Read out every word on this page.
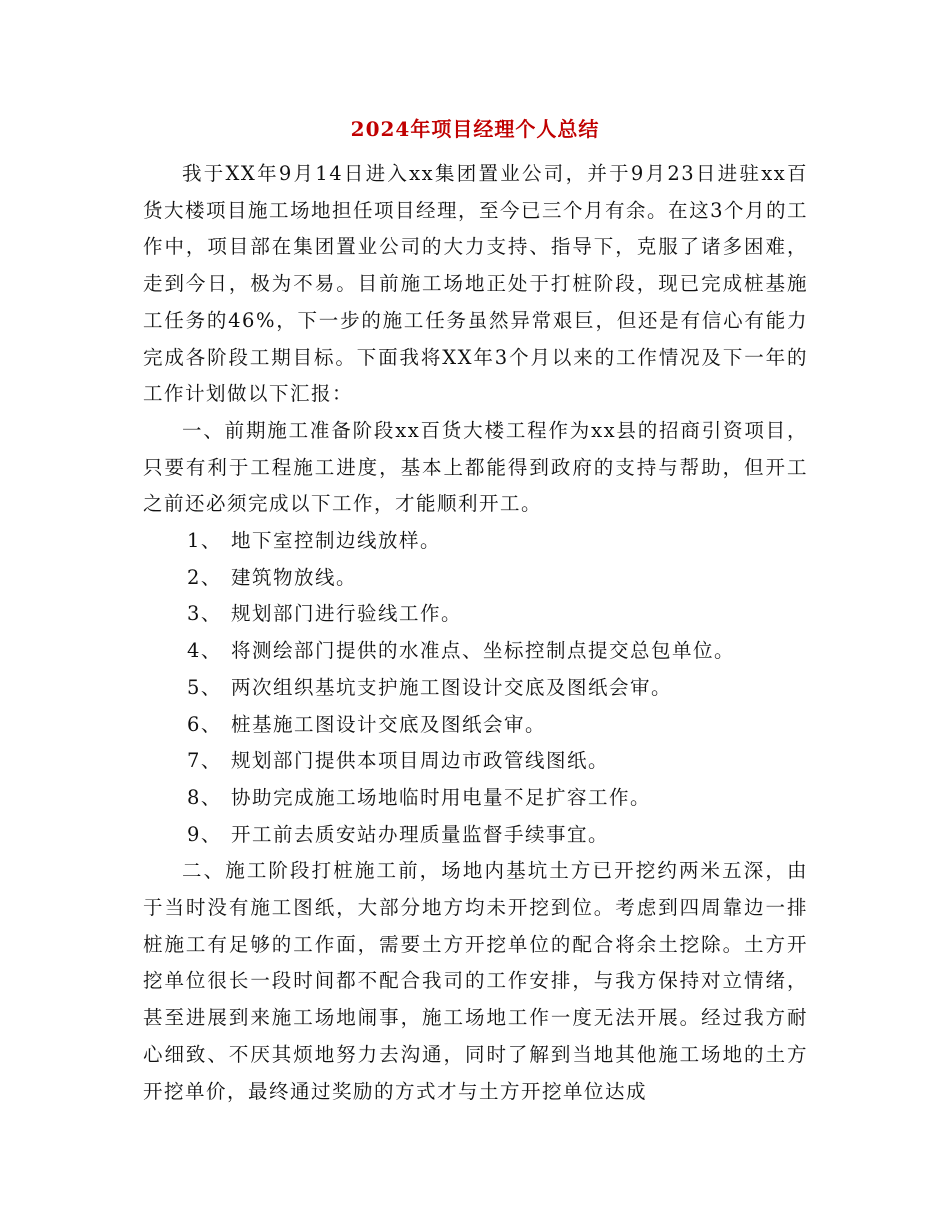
2024年项目经理个人总结

我于XX年9月14日进入xx集团置业公司，并于9月23日进驻xx百货大楼项目施工场地担任项目经理，至今已三个月有余。在这3个月的工作中，项目部在集团置业公司的大力支持、指导下，克服了诸多困难，走到今日，极为不易。目前施工场地正处于打桩阶段，现已完成桩基施工任务的46%，下一步的施工任务虽然异常艰巨，但还是有信心有能力完成各阶段工期目标。下面我将XX年3个月以来的工作情况及下一年的工作计划做以下汇报：

一、前期施工准备阶段xx百货大楼工程作为xx县的招商引资项目，只要有利于工程施工进度，基本上都能得到政府的支持与帮助，但开工之前还必须完成以下工作，才能顺利开工。

1、 地下室控制边线放样。

2、 建筑物放线。

3、 规划部门进行验线工作。

4、 将测绘部门提供的水准点、坐标控制点提交总包单位。

5、 两次组织基坑支护施工图设计交底及图纸会审。

6、 桩基施工图设计交底及图纸会审。

7、 规划部门提供本项目周边市政管线图纸。

8、 协助完成施工场地临时用电量不足扩容工作。

9、 开工前去质安站办理质量监督手续事宜。

二、施工阶段打桩施工前，场地内基坑土方已开挖约两米五深，由于当时没有施工图纸，大部分地方均未开挖到位。考虑到四周靠边一排桩施工有足够的工作面，需要土方开挖单位的配合将余土挖除。土方开挖单位很长一段时间都不配合我司的工作安排，与我方保持对立情绪，甚至进展到来施工场地闹事，施工场地工作一度无法开展。经过我方耐心细致、不厌其烦地努力去沟通，同时了解到当地其他施工场地的土方开挖单价，最终通过奖励的方式才与土方开挖单位达成
